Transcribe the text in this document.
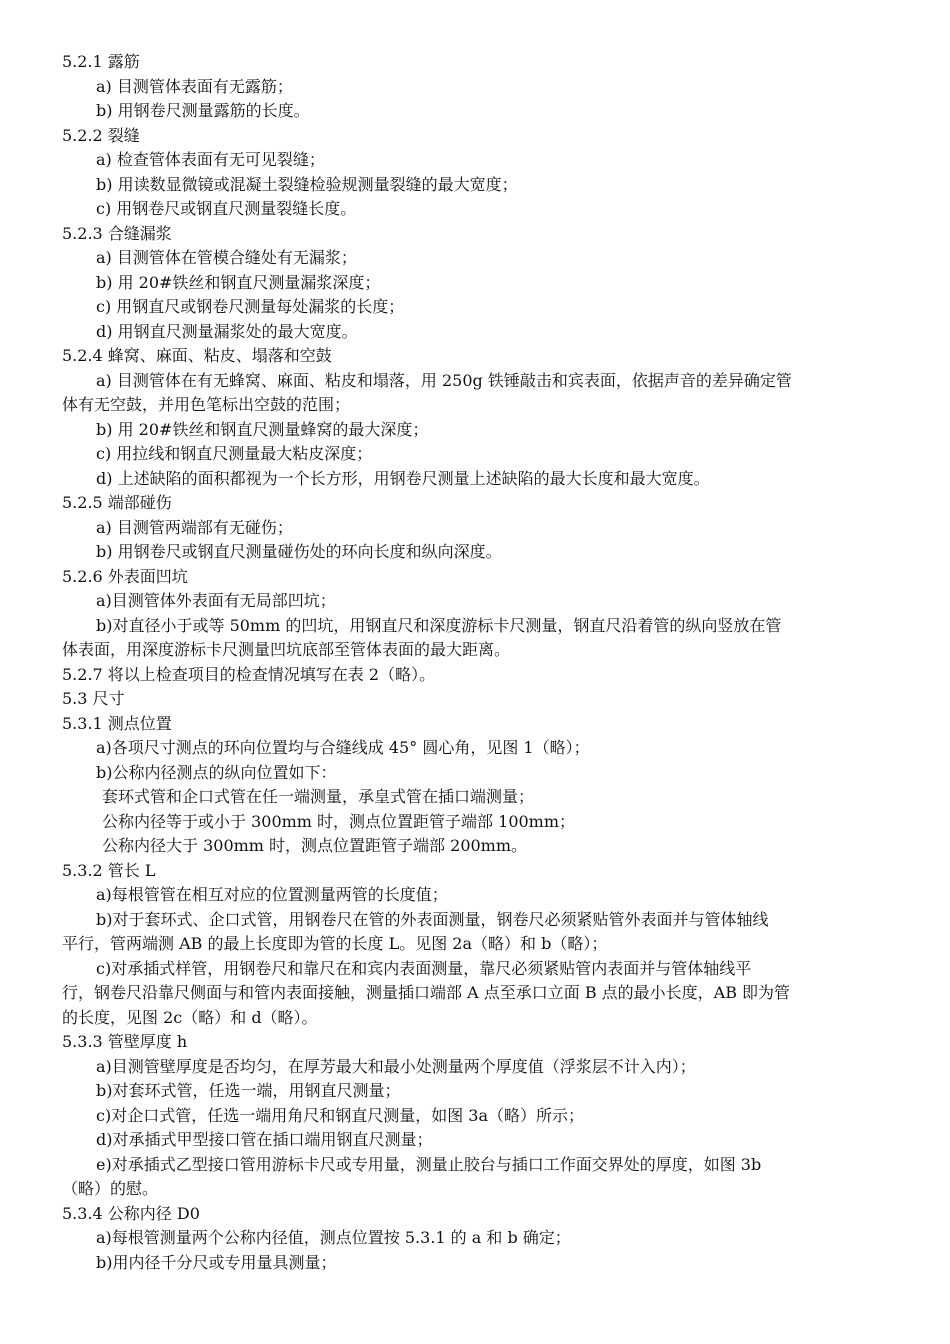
5.2.1 露筋
a) 目测管体表面有无露筋；
b) 用钢卷尺测量露筋的长度。
5.2.2 裂缝
a) 检查管体表面有无可见裂缝；
b) 用读数显微镜或混凝土裂缝检验规测量裂缝的最大宽度；
c) 用钢卷尺或钢直尺测量裂缝长度。
5.2.3 合缝漏浆
a) 目测管体在管模合缝处有无漏浆；
b) 用 20#铁丝和钢直尺测量漏浆深度；
c) 用钢直尺或钢卷尺测量每处漏浆的长度；
d) 用钢直尺测量漏浆处的最大宽度。
5.2.4 蜂窝、麻面、粘皮、塌落和空鼓
a) 目测管体在有无蜂窝、麻面、粘皮和塌落，用 250g 铁锤敲击和宾表面，依据声音的差异确定管
体有无空鼓，并用色笔标出空鼓的范围；
b) 用 20#铁丝和钢直尺测量蜂窝的最大深度；
c) 用拉线和钢直尺测量最大粘皮深度；
d) 上述缺陷的面积都视为一个长方形，用钢卷尺测量上述缺陷的最大长度和最大宽度。
5.2.5 端部碰伤
a) 目测管两端部有无碰伤；
b) 用钢卷尺或钢直尺测量碰伤处的环向长度和纵向深度。
5.2.6 外表面凹坑
a)目测管体外表面有无局部凹坑；
b)对直径小于或等 50mm 的凹坑，用钢直尺和深度游标卡尺测量，钢直尺沿着管的纵向竖放在管
体表面，用深度游标卡尺测量凹坑底部至管体表面的最大距离。
5.2.7 将以上检查项目的检查情况填写在表 2（略）。
5.3 尺寸
5.3.1 测点位置
a)各项尺寸测点的环向位置均与合缝线成 45° 圆心角，见图 1（略）；
b)公称内径测点的纵向位置如下：
套环式管和企口式管在任一端测量，承皇式管在插口端测量；
公称内径等于或小于 300mm 时，测点位置距管子端部 100mm；
公称内径大于 300mm 时，测点位置距管子端部 200mm。
5.3.2 管长 L
a)每根管管在相互对应的位置测量两管的长度值；
b)对于套环式、企口式管，用钢卷尺在管的外表面测量，钢卷尺必须紧贴管外表面并与管体轴线
平行，管两端测 AB 的最上长度即为管的长度 L。见图 2a（略）和 b（略）；
c)对承插式样管，用钢卷尺和靠尺在和宾内表面测量，靠尺必须紧贴管内表面并与管体轴线平
行，钢卷尺沿靠尺侧面与和管内表面接触，测量插口端部 A 点至承口立面 B 点的最小长度，AB 即为管
的长度，见图 2c（略）和 d（略）。
5.3.3 管壁厚度 h
a)目测管壁厚度是否均匀，在厚芳最大和最小处测量两个厚度值（浮浆层不计入内）；
b)对套环式管，任选一端，用钢直尺测量；
c)对企口式管，任选一端用角尺和钢直尺测量，如图 3a（略）所示；
d)对承插式甲型接口管在插口端用钢直尺测量；
e)对承插式乙型接口管用游标卡尺或专用量，测量止胶台与插口工作面交界处的厚度，如图 3b
（略）的慰。
5.3.4 公称内径 D0
a)每根管测量两个公称内径值，测点位置按 5.3.1 的 a 和 b 确定；
b)用内径千分尺或专用量具测量；
